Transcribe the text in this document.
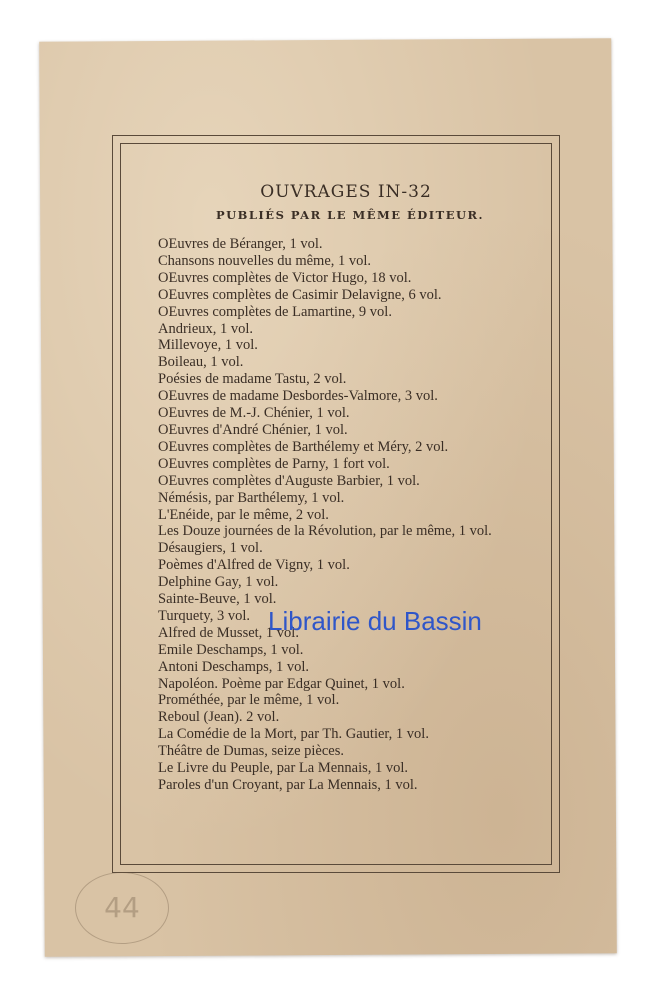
OUVRAGES IN-32
PUBLIÉS PAR LE MÊME ÉDITEUR.
OEuvres de Béranger, 1 vol.
Chansons nouvelles du même, 1 vol.
OEuvres complètes de Victor Hugo, 18 vol.
OEuvres complètes de Casimir Delavigne, 6 vol.
OEuvres complètes de Lamartine, 9 vol.
Andrieux, 1 vol.
Millevoye, 1 vol.
Boileau, 1 vol.
Poésies de madame Tastu, 2 vol.
OEuvres de madame Desbordes-Valmore, 3 vol.
OEuvres de M.-J. Chénier, 1 vol.
OEuvres d'André Chénier, 1 vol.
OEuvres complètes de Barthélemy et Méry, 2 vol.
OEuvres complètes de Parny, 1 fort vol.
OEuvres complètes d'Auguste Barbier, 1 vol.
Némésis, par Barthélemy, 1 vol.
L'Enéide, par le même, 2 vol.
Les Douze journées de la Révolution, par le même, 1 vol.
Désaugiers, 1 vol.
Poèmes d'Alfred de Vigny, 1 vol.
Delphine Gay, 1 vol.
Sainte-Beuve, 1 vol.
Turquety, 3 vol.
Alfred de Musset, 1 vol.
Emile Deschamps, 1 vol.
Antoni Deschamps, 1 vol.
Napoléon. Poème par Edgar Quinet, 1 vol.
Prométhée, par le même, 1 vol.
Reboul (Jean). 2 vol.
La Comédie de la Mort, par Th. Gautier, 1 vol.
Théâtre de Dumas, seize pièces.
Le Livre du Peuple, par La Mennais, 1 vol.
Paroles d'un Croyant, par La Mennais, 1 vol.
Librairie du Bassin
44
